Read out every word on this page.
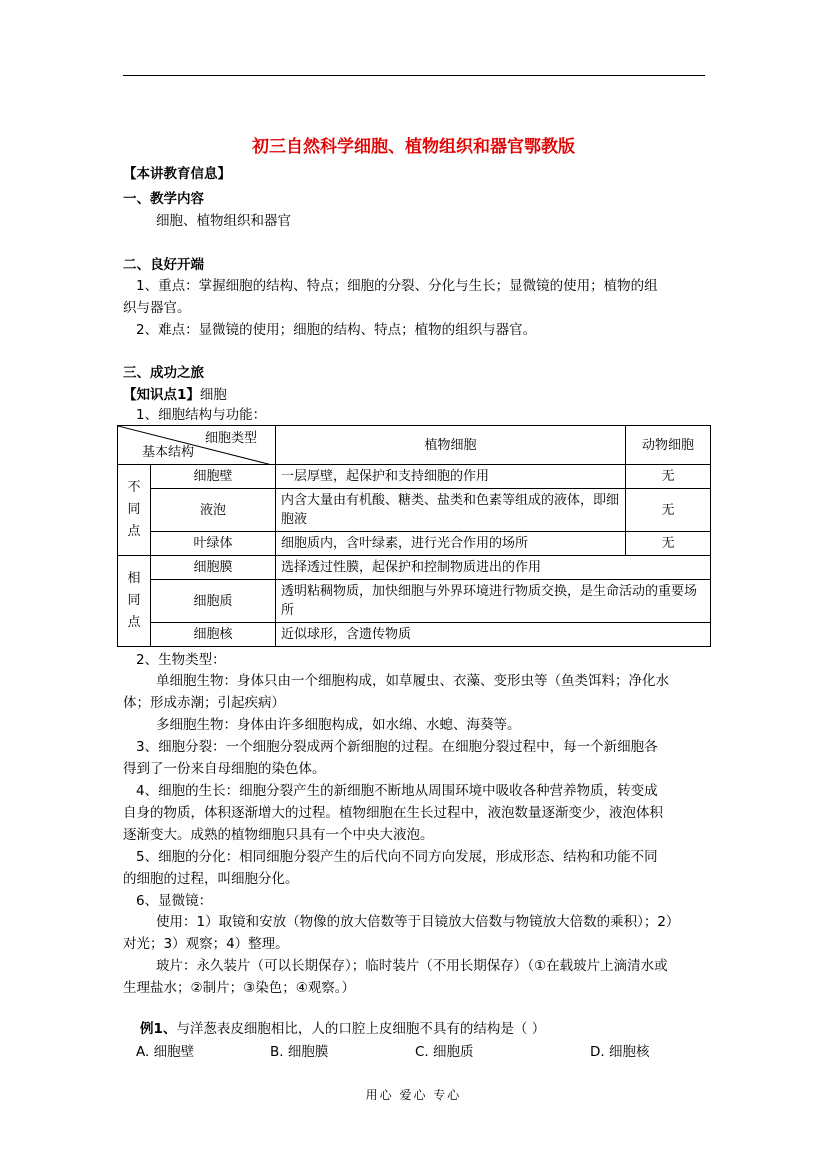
初三自然科学细胞、植物组织和器官鄂教版
【本讲教育信息】
一、教学内容
细胞、植物组织和器官
二、良好开端
1、重点：掌握细胞的结构、特点；细胞的分裂、分化与生长；显微镜的使用；植物的组
织与器官。
2、难点：显微镜的使用；细胞的结构、特点；植物的组织与器官。
三、成功之旅
【知识点1】细胞
1、细胞结构与功能：
细胞类型
基本结构		植物细胞	动物细胞

不同点	细胞壁	一层厚壁，起保护和支持细胞的作用	无
	液泡	内含大量由有机酸、糖类、盐类和色素等组成的液体，即细胞液	无
	叶绿体	细胞质内，含叶绿素，进行光合作用的场所	无

相同点	细胞膜	选择透过性膜，起保护和控制物质进出的作用	
	细胞质	透明粘稠物质，加快细胞与外界环境进行物质交换，是生命活动的重要场所	
	细胞核	近似球形，含遗传物质	
2、生物类型：
单细胞生物：身体只由一个细胞构成，如草履虫、衣藻、变形虫等（鱼类饵料；净化水
体；形成赤潮；引起疾病）
多细胞生物：身体由许多细胞构成，如水绵、水螅、海葵等。
3、细胞分裂：一个细胞分裂成两个新细胞的过程。在细胞分裂过程中，每一个新细胞各
得到了一份来自母细胞的染色体。
4、细胞的生长：细胞分裂产生的新细胞不断地从周围环境中吸收各种营养物质，转变成
自身的物质，体积逐渐增大的过程。植物细胞在生长过程中，液泡数量逐渐变少，液泡体积
逐渐变大。成熟的植物细胞只具有一个中央大液泡。
5、细胞的分化：相同细胞分裂产生的后代向不同方向发展，形成形态、结构和功能不同
的细胞的过程，叫细胞分化。
6、显微镜：
使用：1）取镜和安放（物像的放大倍数等于目镜放大倍数与物镜放大倍数的乘积）；2）
对光；3）观察；4）整理。
玻片：永久装片（可以长期保存）；临时装片（不用长期保存）（①在载玻片上滴清水或
生理盐水；②制片；③染色；④观察。）
例1、与洋葱表皮细胞相比，人的口腔上皮细胞不具有的结构是（ ）
A. 细胞壁	B. 细胞膜	C. 细胞质	D. 细胞核
用心 爱心 专心
